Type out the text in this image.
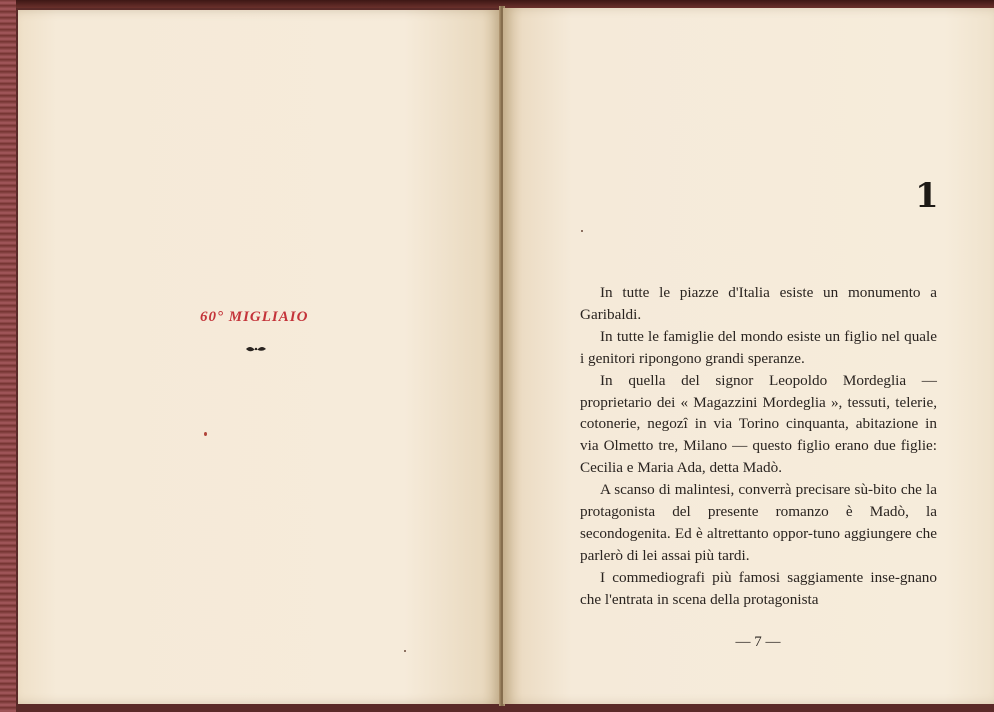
60° MIGLIAIO
1

In tutte le piazze d'Italia esiste un monumento a Garibaldi.

In tutte le famiglie del mondo esiste un figlio nel quale i genitori ripongono grandi speranze.

In quella del signor Leopoldo Mordeglia — proprietario dei « Magazzini Mordeglia », tessuti, telerie, cotonerie, negozî in via Torino cinquanta, abitazione in via Olmetto tre, Milano — questo figlio erano due figlie: Cecilia e Maria Ada, detta Madò.

A scanso di malintesi, converrà precisare sù-bito che la protagonista del presente romanzo è Madò, la secondogenita. Ed è altrettanto oppor-tuno aggiungere che parlerò di lei assai più tardi.

I commediografi più famosi saggiamente inse-gnano che l'entrata in scena della protagonista

— 7 —
